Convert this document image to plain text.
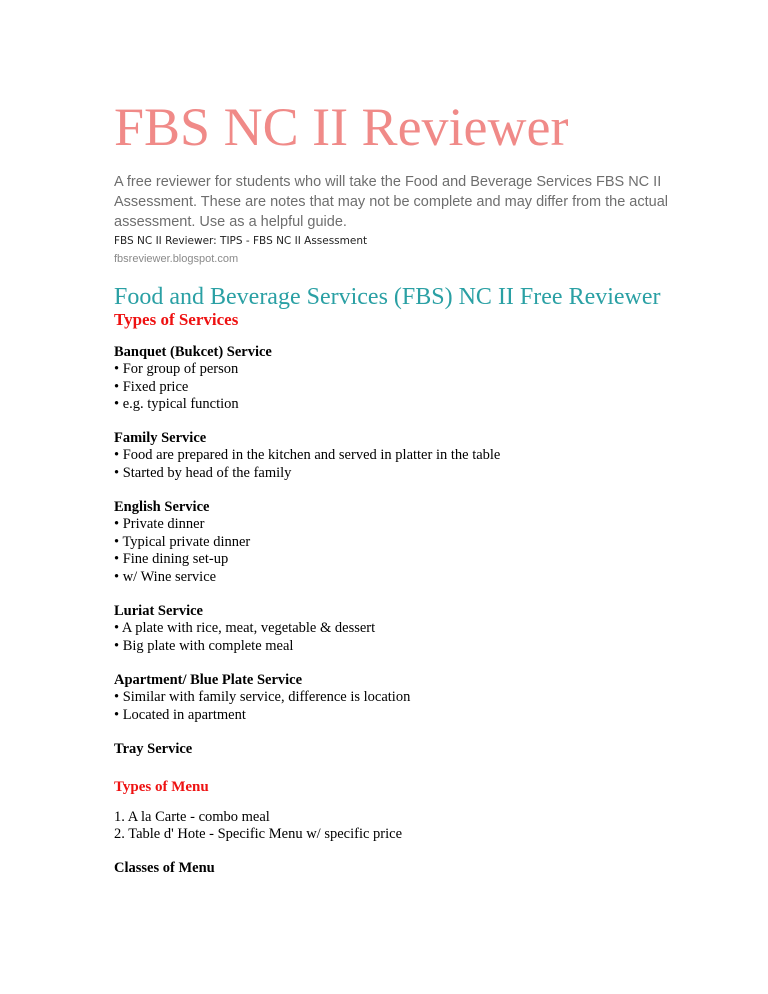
FBS NC II Reviewer

A free reviewer for students who will take the Food and Beverage Services FBS NC II Assessment. These are notes that may not be complete and may differ from the actual assessment. Use as a helpful guide.

FBS NC II Reviewer: TIPS - FBS NC II Assessment
fbsreviewer.blogspot.com
Food and Beverage Services (FBS) NC II Free Reviewer
Types of Services
Banquet (Bukcet) Service
• For group of person
• Fixed price
• e.g. typical function
Family Service
• Food are prepared in the kitchen and served in platter in the table
• Started by head of the family
English Service
• Private dinner
• Typical private dinner
• Fine dining set-up
• w/ Wine service
Luriat Service
• A plate with rice, meat, vegetable & dessert
• Big plate with complete meal
Apartment/ Blue Plate Service
• Similar with family service, difference is location
• Located in apartment
Tray Service
Types of Menu
1. A la Carte - combo meal
2. Table d' Hote - Specific Menu w/ specific price
Classes of Menu
